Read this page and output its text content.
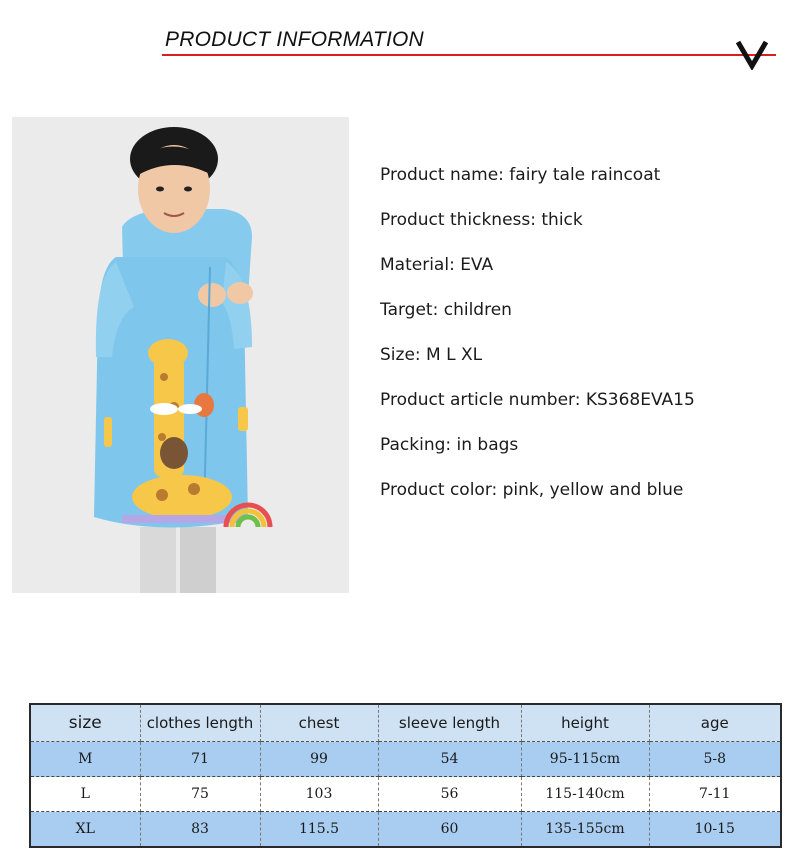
PRODUCT INFORMATION
Product name: fairy tale raincoat
Product thickness: thick
Material: EVA
Target: children
Size: M L XL
Product article number: KS368EVA15
Packing: in bags
Product color: pink, yellow and blue
size	clothes length	chest	sleeve length	height	age
M	71	99	54	95-115cm	5-8
L	75	103	56	115-140cm	7-11
XL	83	115.5	60	135-155cm	10-15
